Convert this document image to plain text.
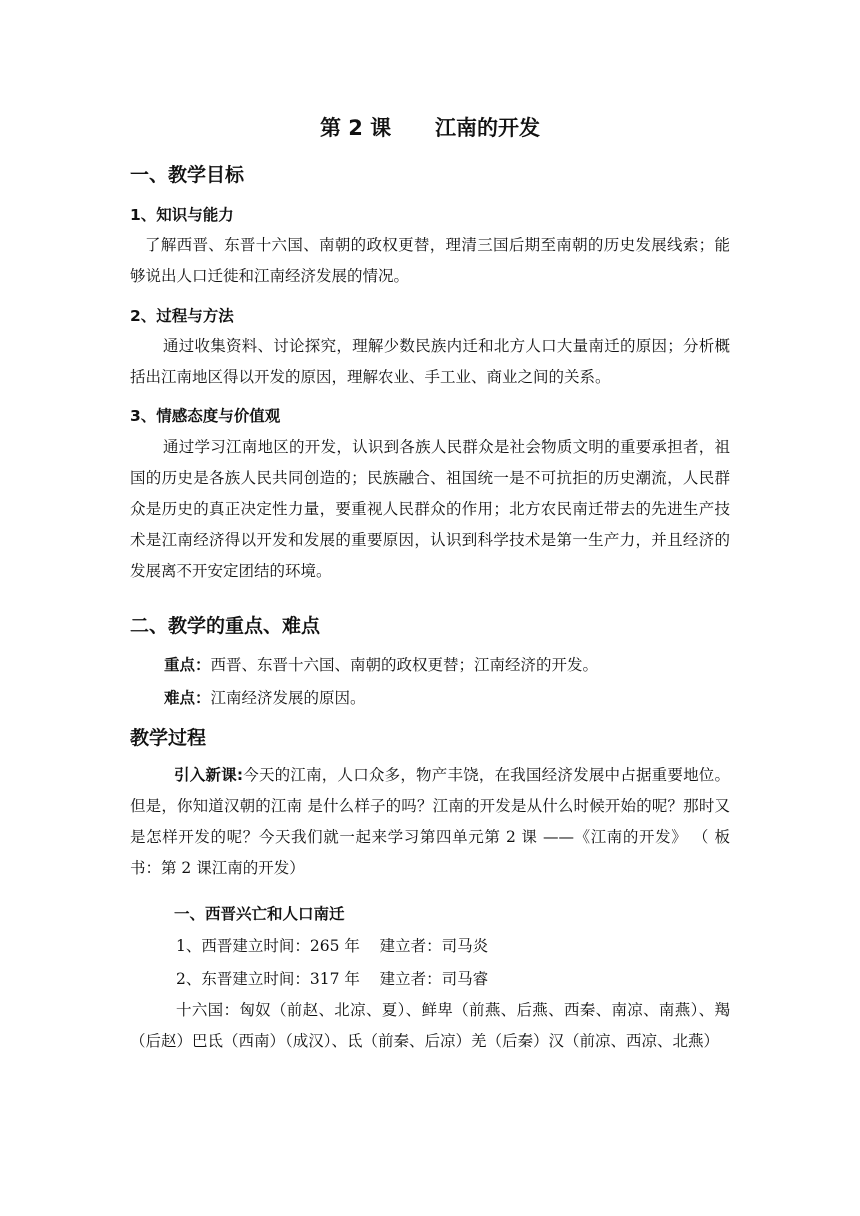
第 2 课      江南的开发
一、教学目标
1、知识与能力

了解西晋、东晋十六国、南朝的政权更替，理清三国后期至南朝的历史发展线索；能够说出人口迁徙和江南经济发展的情况。

2、过程与方法

通过收集资料、讨论探究，理解少数民族内迁和北方人口大量南迁的原因；分析概括出江南地区得以开发的原因，理解农业、手工业、商业之间的关系。

3、情感态度与价值观

通过学习江南地区的开发，认识到各族人民群众是社会物质文明的重要承担者，祖国的历史是各族人民共同创造的；民族融合、祖国统一是不可抗拒的历史潮流，人民群众是历史的真正决定性力量，要重视人民群众的作用；北方农民南迁带去的先进生产技术是江南经济得以开发和发展的重要原因，认识到科学技术是第一生产力，并且经济的发展离不开安定团结的环境。

二、教学的重点、难点
重点：西晋、东晋十六国、南朝的政权更替；江南经济的开发。
难点：江南经济发展的原因。
教学过程

引入新课:今天的江南，人口众多，物产丰饶，在我国经济发展中占据重要地位。但是，你知道汉朝的江南 是什么样子的吗？江南的开发是从什么时候开始的呢？那时又是怎样开发的呢？今天我们就一起来学习第四单元第 2 课 ——《江南的开发》 （ 板书：第 2 课江南的开发）

一、西晋兴亡和人口南迁
1、西晋建立时间：265 年    建立者：司马炎
2、东晋建立时间：317 年    建立者：司马睿

十六国：匈奴（前赵、北凉、夏）、鲜卑（前燕、后燕、西秦、南凉、南燕）、羯（后赵）巴氐（西南）（成汉）、氐（前秦、后凉）羌（后秦）汉（前凉、西凉、北燕）
